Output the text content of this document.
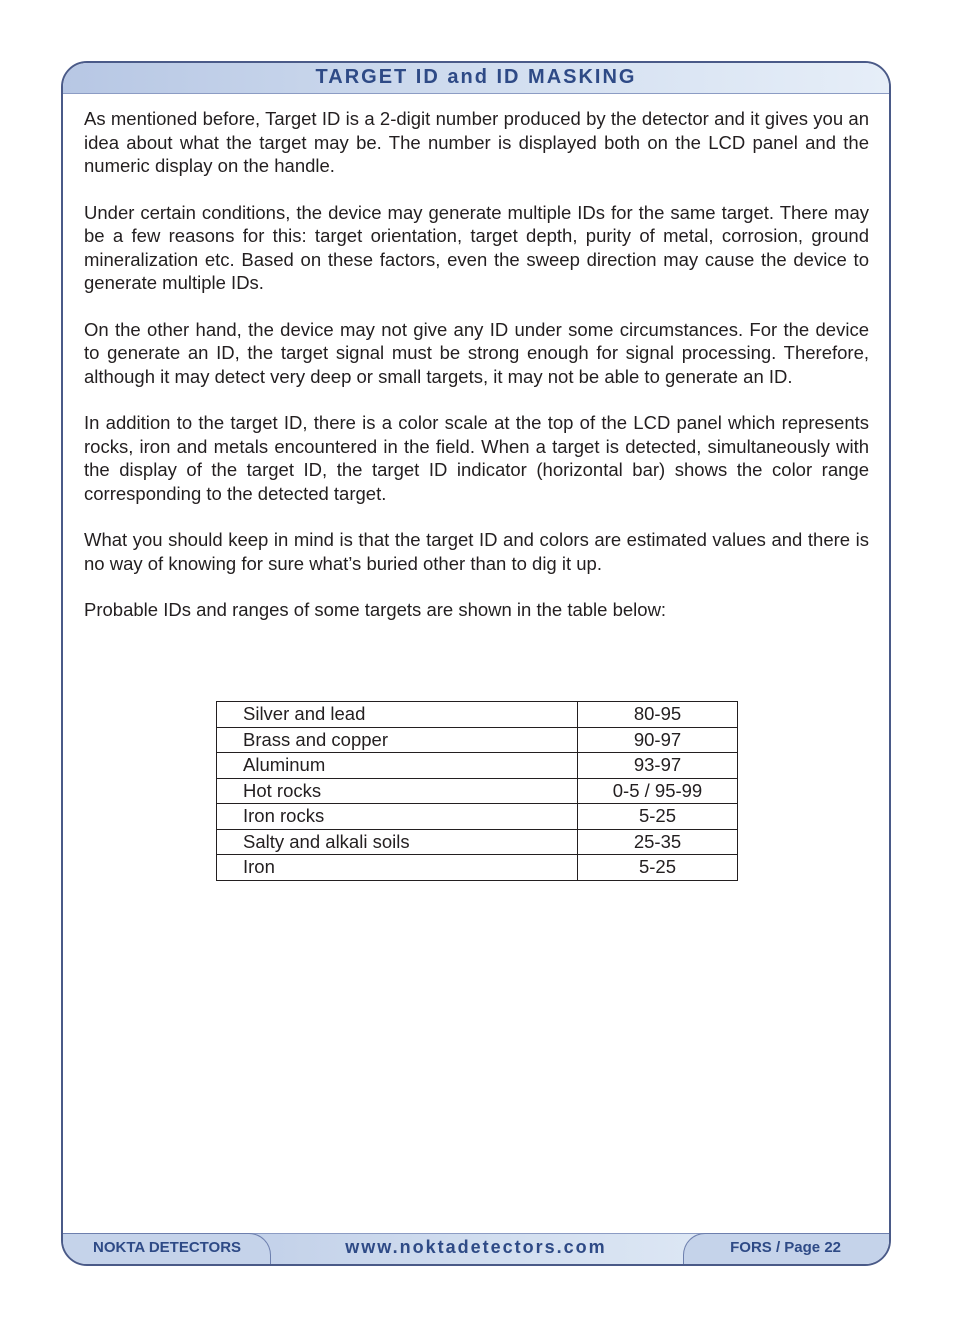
TARGET ID and ID MASKING
NOKTA DETECTORS	www.noktadetectors.com	FORS / Page 22

As mentioned before, Target ID is a 2-digit number produced by the detector and it gives you an idea about what the target may be. The number is displayed both on the LCD panel and the numeric display on the handle.

Under certain conditions, the device may generate multiple IDs for the same target. There may be a few reasons for this: target orientation, target depth, purity of metal, corrosion, ground mineralization etc. Based on these factors, even the sweep direction may cause the device to generate multiple IDs.

On the other hand, the device may not give any ID under some circumstances. For the device to generate an ID, the target signal must be strong enough for signal processing. Therefore, although it may detect very deep or small targets, it may not be able to generate an ID.

In addition to the target ID, there is a color scale at the top of the LCD panel which represents rocks, iron and metals encountered in the field. When a target is detected, simultaneously with the display of the target ID, the target ID indicator (horizontal bar) shows the color range corresponding to the detected target.

What you should keep in mind is that the target ID and colors are estimated values and there is no way of knowing for sure what’s buried other than to dig it up.

Probable IDs and ranges of some targets are shown in the table below:

Silver and lead	80-95
Brass and copper	90-97
Aluminum	93-97
Hot rocks	0-5 / 95-99
Iron rocks	5-25
Salty and alkali soils	25-35
Iron	5-25
